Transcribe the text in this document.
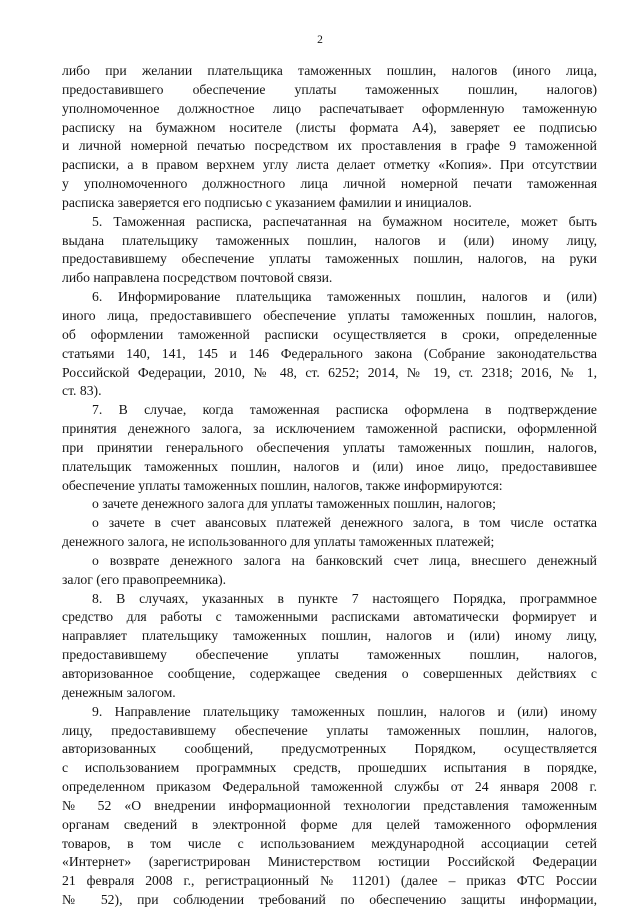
2
либо при желании плательщика таможенных пошлин, налогов (иного лица,
предоставившего обеспечение уплаты таможенных пошлин, налогов)
уполномоченное должностное лицо распечатывает оформленную таможенную
расписку на бумажном носителе (листы формата А4), заверяет ее подписью
и личной номерной печатью посредством их проставления в графе 9 таможенной
расписки, а в правом верхнем углу листа делает отметку «Копия». При отсутствии
у уполномоченного должностного лица личной номерной печати таможенная
расписка заверяется его подписью с указанием фамилии и инициалов.
5. Таможенная расписка, распечатанная на бумажном носителе, может быть
выдана плательщику таможенных пошлин, налогов и (или) иному лицу,
предоставившему обеспечение уплаты таможенных пошлин, налогов, на руки
либо направлена посредством почтовой связи.
6. Информирование плательщика таможенных пошлин, налогов и (или)
иного лица, предоставившего обеспечение уплаты таможенных пошлин, налогов,
об оформлении таможенной расписки осуществляется в сроки, определенные
статьями 140, 141, 145 и 146 Федерального закона (Собрание законодательства
Российской Федерации, 2010, № 48, ст. 6252; 2014, № 19, ст. 2318; 2016, № 1,
ст. 83).
7. В случае, когда таможенная расписка оформлена в подтверждение
принятия денежного залога, за исключением таможенной расписки, оформленной
при принятии генерального обеспечения уплаты таможенных пошлин, налогов,
плательщик таможенных пошлин, налогов и (или) иное лицо, предоставившее
обеспечение уплаты таможенных пошлин, налогов, также информируются:
о зачете денежного залога для уплаты таможенных пошлин, налогов;
о зачете в счет авансовых платежей денежного залога, в том числе остатка
денежного залога, не использованного для уплаты таможенных платежей;
о возврате денежного залога на банковский счет лица, внесшего денежный
залог (его правопреемника).
8. В случаях, указанных в пункте 7 настоящего Порядка, программное
средство для работы с таможенными расписками автоматически формирует и
направляет плательщику таможенных пошлин, налогов и (или) иному лицу,
предоставившему обеспечение уплаты таможенных пошлин, налогов,
авторизованное сообщение, содержащее сведения о совершенных действиях с
денежным залогом.
9. Направление плательщику таможенных пошлин, налогов и (или) иному
лицу, предоставившему обеспечение уплаты таможенных пошлин, налогов,
авторизованных сообщений, предусмотренных Порядком, осуществляется
с использованием программных средств, прошедших испытания в порядке,
определенном приказом Федеральной таможенной службы от 24 января 2008 г.
№ 52 «О внедрении информационной технологии представления таможенным
органам сведений в электронной форме для целей таможенного оформления
товаров, в том числе с использованием международной ассоциации сетей
«Интернет» (зарегистрирован Министерством юстиции Российской Федерации
21 февраля 2008 г., регистрационный № 11201) (далее – приказ ФТС России
№ 52), при соблюдении требований по обеспечению защиты информации,
